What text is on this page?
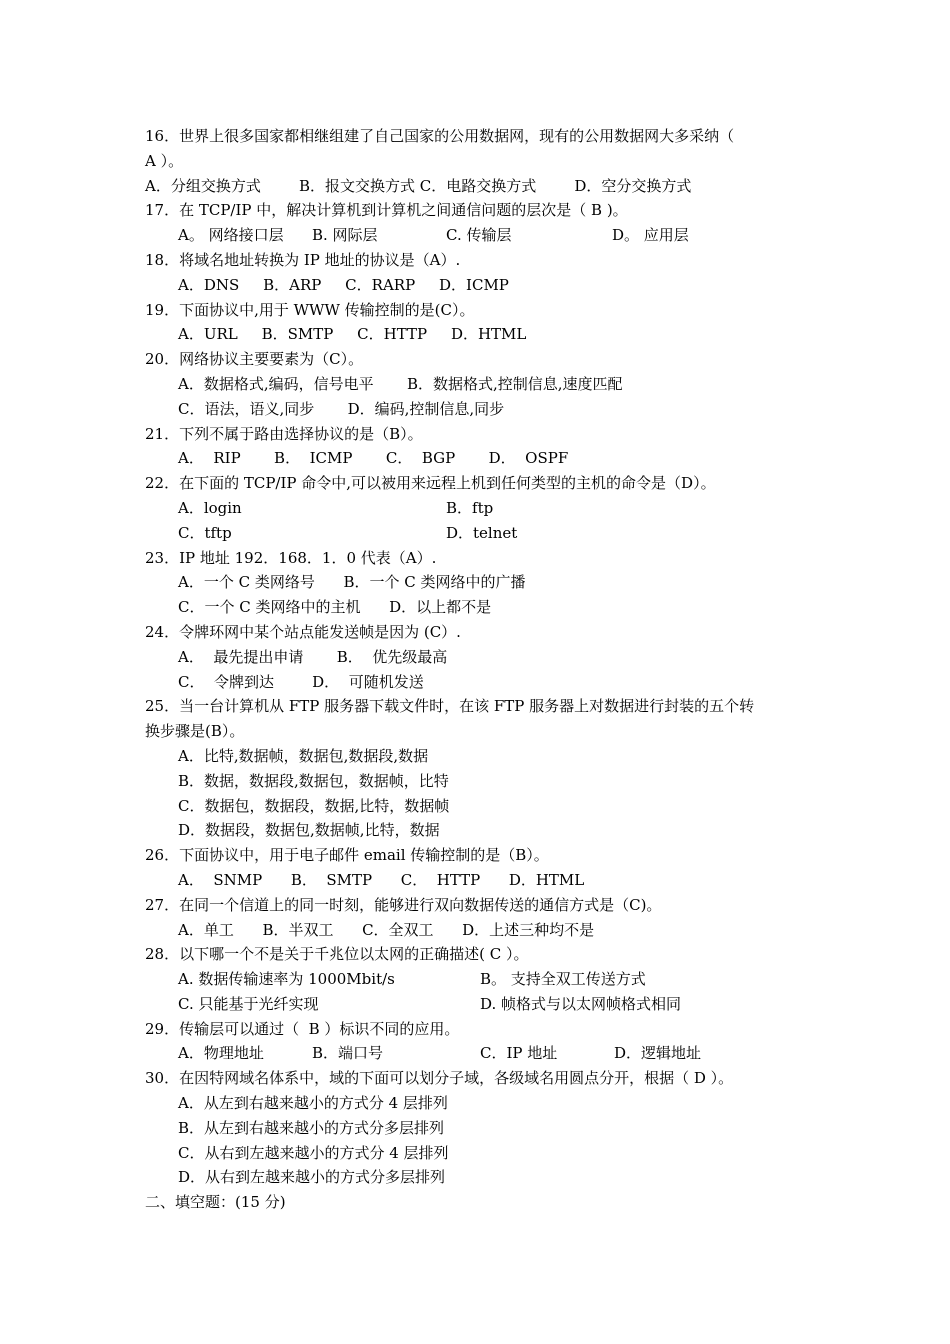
16．世界上很多国家都相继组建了自己国家的公用数据网，现有的公用数据网大多采纳（
A ）。
A．分组交换方式        B．报文交换方式 C．电路交换方式        D．空分交换方式
17．在 TCP/IP 中，解决计算机到计算机之间通信问题的层次是（ B )。
A。 网络接口层	B. 网际层	C. 传输层	D。 应用层
18．将域名地址转换为 IP 地址的协议是（A）.
A．DNS     B．ARP     C．RARP     D．ICMP
19．下面协议中,用于 WWW 传输控制的是(C）。
A．URL     B．SMTP     C．HTTP     D．HTML
20．网络协议主要要素为（C）。
A．数据格式,编码，信号电平       B．数据格式,控制信息,速度匹配
C．语法，语义,同步       D．编码,控制信息,同步
21．下列不属于路由选择协议的是（B）。
A．  RIP       B．  ICMP       C．  BGP       D．  OSPF
22．在下面的 TCP/IP 命令中,可以被用来远程上机到任何类型的主机的命令是（D）。
A．login	B．ftp
C．tftp	D．telnet
23．IP 地址 192．168．1．0 代表（A）.
A．一个 C 类网络号      B．一个 C 类网络中的广播
C．一个 C 类网络中的主机      D．以上都不是
24．令牌环网中某个站点能发送帧是因为 (C）.
A．  最先提出申请       B．  优先级最高
C．  令牌到达        D．  可随机发送
25．当一台计算机从 FTP 服务器下载文件时，在该 FTP 服务器上对数据进行封装的五个转
换步骤是(B）。
A．比特,数据帧，数据包,数据段,数据
B．数据，数据段,数据包，数据帧，比特
C．数据包，数据段，数据,比特，数据帧
D．数据段，数据包,数据帧,比特，数据
26．下面协议中，用于电子邮件 email 传输控制的是（B）。
A．  SNMP      B．  SMTP      C．  HTTP      D．HTML
27．在同一个信道上的同一时刻，能够进行双向数据传送的通信方式是（C)。
A．单工      B．半双工      C．全双工      D．上述三种均不是
28．以下哪一个不是关于千兆位以太网的正确描述( C ）。
A. 数据传输速率为 1000Mbit/s	B。 支持全双工传送方式
C. 只能基于光纤实现	D. 帧格式与以太网帧格式相同
29．传输层可以通过（  B ）标识不同的应用。
A．物理地址	B．端口号	C．IP 地址	D．逻辑地址
30．在因特网域名体系中，域的下面可以划分子域，各级域名用圆点分开，根据（ D ）。
A．从左到右越来越小的方式分 4 层排列
B．从左到右越来越小的方式分多层排列
C．从右到左越来越小的方式分 4 层排列
D．从右到左越来越小的方式分多层排列
二、填空题：(15 分)
